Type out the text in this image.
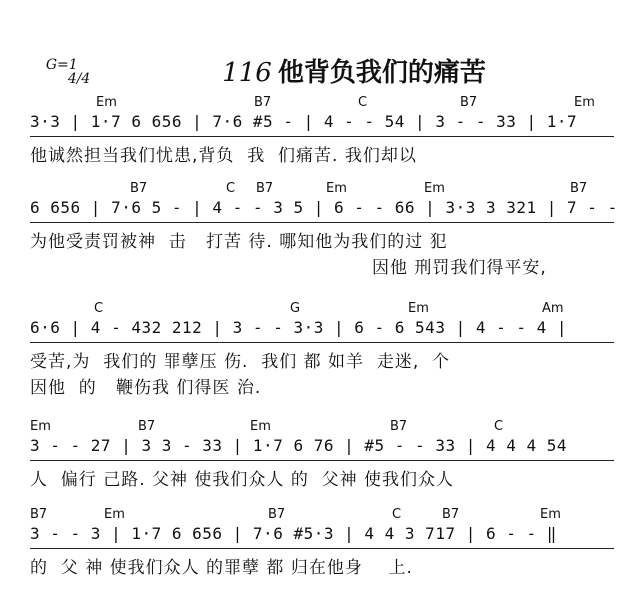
G=1
4/4
	116 他背负我们的痛苦

Em	B7	C	B7	Em
3·3 | 1·7 6 656 | 7·6 #5 - | 4 - - 54 | 3 - - 33 | 1·7
他诚然担当我们忧患,背负  我  们痛苦. 我们却以
B7	C B7	Em	Em	B7
6 656 | 7·6 5 - | 4 - - 3 5 | 6 - - 66 | 3·3 3 321 | 7 - -
为他受责罚被神  击   打苦 待. 哪知他为我们的过 犯
因他 刑罚我们得平安,
C	G	Em	Am
6·6 | 4 - 432 212 | 3 - - 3·3 | 6 - 6 543 | 4 - - 4 |
受苦,为  我们的 罪孽压 伤.  我们 都 如羊  走迷,  个
因他  的   鞭伤我 们得医 治.
Em	B7	Em	B7	C
3 - - 27 | 3 3 - 33 | 1·7 6 76 | #5 - - 33 | 4 4 4 54
人  偏行 己路. 父神 使我们众人 的  父神 使我们众人
B7	Em	B7	C	B7	Em
3 - - 3 | 1·7 6 656 | 7·6 #5·3 | 4 4 3 717 | 6 - - ‖
的  父 神 使我们众人 的罪孽 都 归在他身    上.
